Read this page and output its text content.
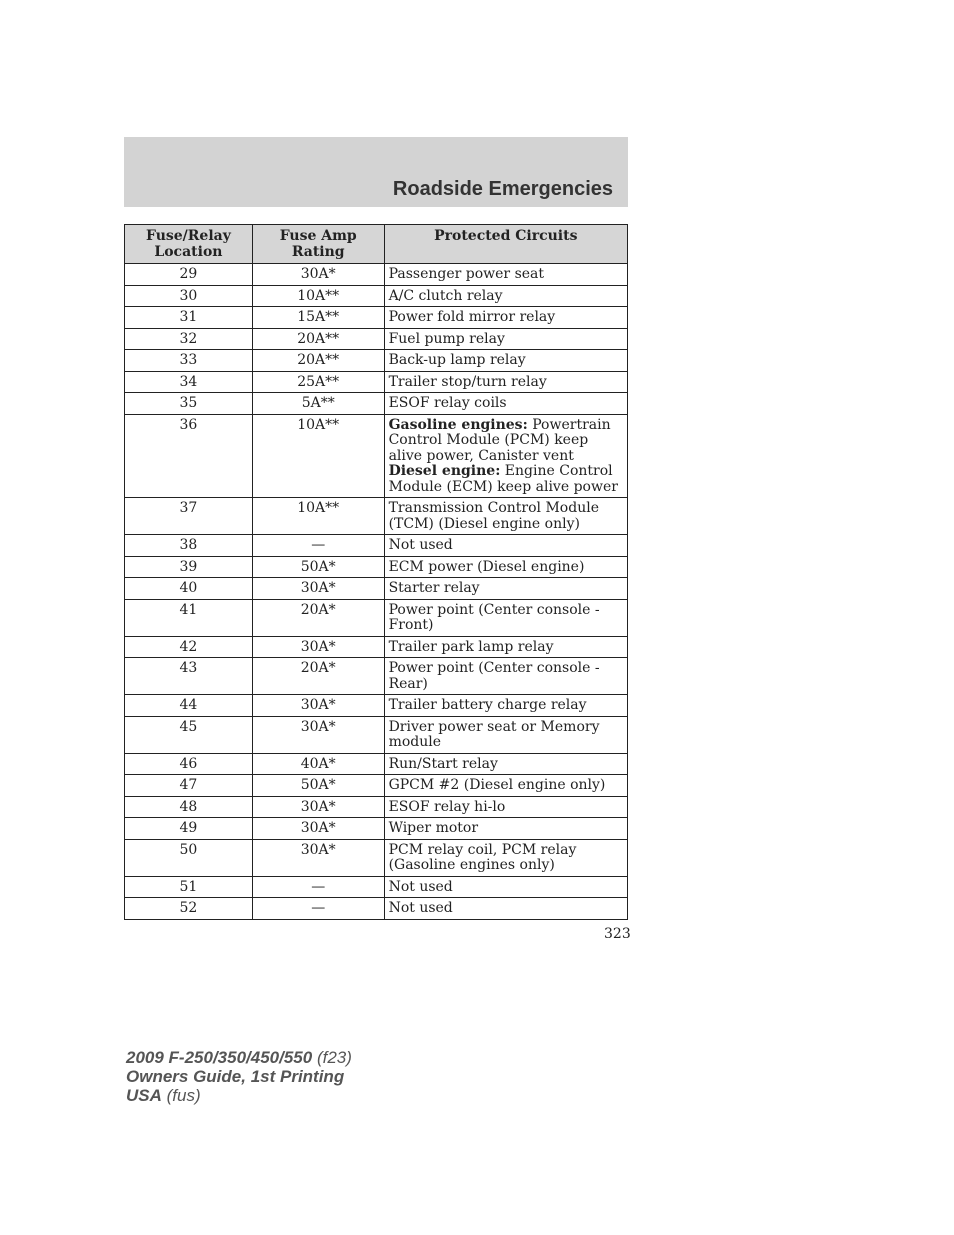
Roadside Emergencies
Fuse/Relay Location	Fuse Amp Rating	Protected Circuits
29	30A*	Passenger power seat
30	10A**	A/C clutch relay
31	15A**	Power fold mirror relay
32	20A**	Fuel pump relay
33	20A**	Back-up lamp relay
34	25A**	Trailer stop/turn relay
35	5A**	ESOF relay coils
36	10A**	Gasoline engines: Powertrain Control Module (PCM) keep alive power, Canister vent
Diesel engine: Engine Control Module (ECM) keep alive power
37	10A**	Transmission Control Module (TCM) (Diesel engine only)
38	—	Not used
39	50A*	ECM power (Diesel engine)
40	30A*	Starter relay
41	20A*	Power point (Center console - Front)
42	30A*	Trailer park lamp relay
43	20A*	Power point (Center console - Rear)
44	30A*	Trailer battery charge relay
45	30A*	Driver power seat or Memory module
46	40A*	Run/Start relay
47	50A*	GPCM #2 (Diesel engine only)
48	30A*	ESOF relay hi-lo
49	30A*	Wiper motor
50	30A*	PCM relay coil, PCM relay (Gasoline engines only)
51	—	Not used
52	—	Not used
323
2009 F-250/350/450/550 (f23)
Owners Guide, 1st Printing
USA (fus)
